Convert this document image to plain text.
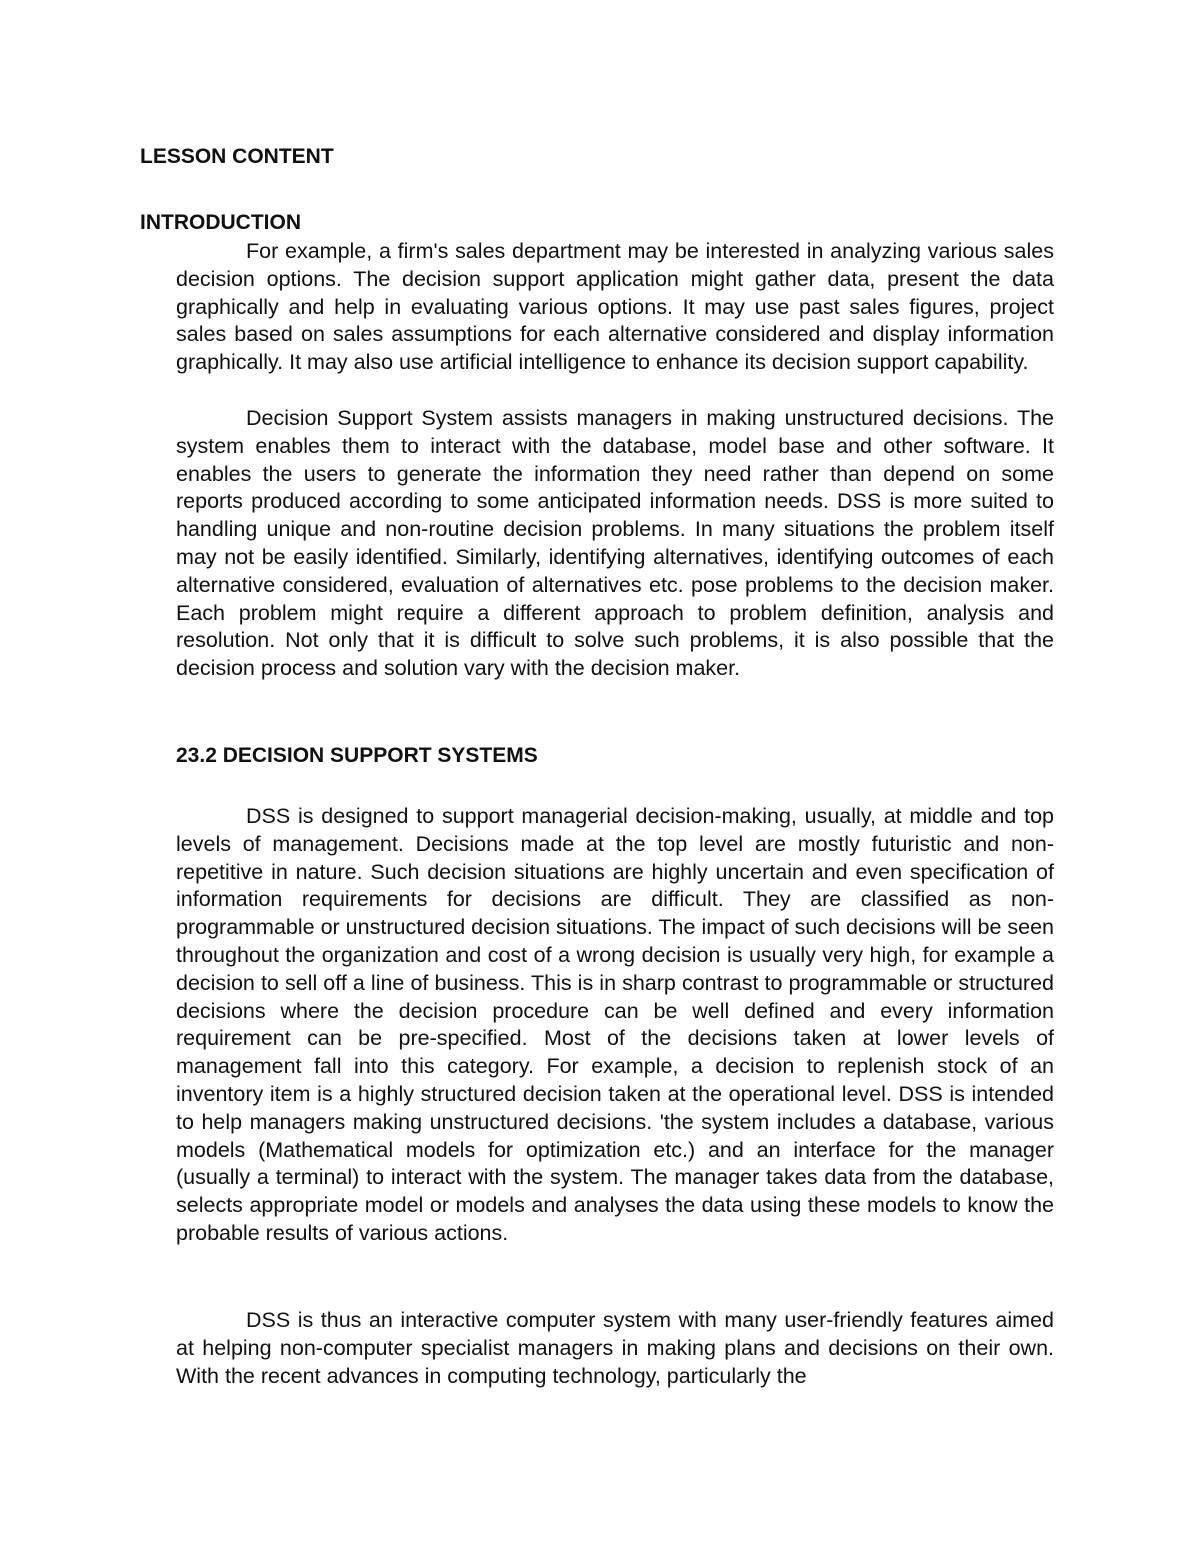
LESSON CONTENT
INTRODUCTION

For example, a firm's sales department may be interested in analyzing various sales decision options. The decision support application might gather data, present the data graphically and help in evaluating various options. It may use past sales figures, project sales based on sales assumptions for each alternative considered and display information graphically. It may also use artificial intelligence to enhance its decision support capability.

Decision Support System assists managers in making unstructured decisions. The system enables them to interact with the database, model base and other software. It enables the users to generate the information they need rather than depend on some reports produced according to some anticipated information needs. DSS is more suited to handling unique and non-routine decision problems. In many situations the problem itself may not be easily identified. Similarly, identifying alternatives, identifying outcomes of each alternative considered, evaluation of alternatives etc. pose problems to the decision maker. Each problem might require a different approach to problem definition, analysis and resolution. Not only that it is difficult to solve such problems, it is also possible that the decision process and solution vary with the decision maker.

23.2 DECISION SUPPORT SYSTEMS

DSS is designed to support managerial decision-making, usually, at middle and top levels of management. Decisions made at the top level are mostly futuristic and non-repetitive in nature. Such decision situations are highly uncertain and even specification of information requirements for decisions are difficult. They are classified as non-programmable or unstructured decision situations. The impact of such decisions will be seen throughout the organization and cost of a wrong decision is usually very high, for example a decision to sell off a line of business. This is in sharp contrast to programmable or structured decisions where the decision procedure can be well defined and every information requirement can be pre-specified. Most of the decisions taken at lower levels of management fall into this category. For example, a decision to replenish stock of an inventory item is a highly structured decision taken at the operational level. DSS is intended to help managers making unstructured decisions. 'the system includes a database, various models (Mathematical models for optimization etc.) and an interface for the manager (usually a terminal) to interact with the system. The manager takes data from the database, selects appropriate model or models and analyses the data using these models to know the probable results of various actions.

DSS is thus an interactive computer system with many user-friendly features aimed at helping non-computer specialist managers in making plans and decisions on their own. With the recent advances in computing technology, particularly the
